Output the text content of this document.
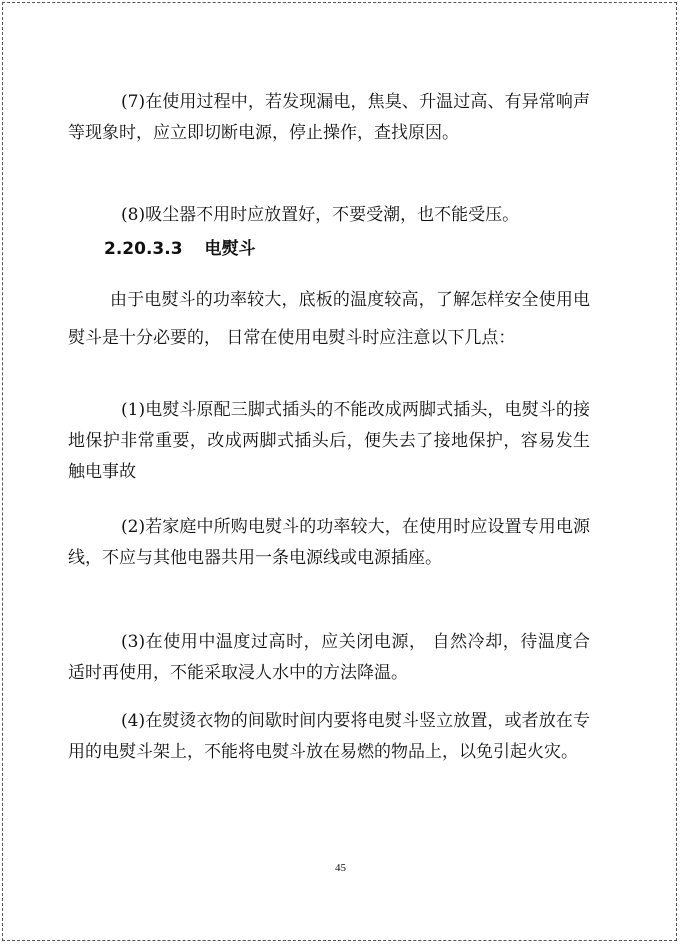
(7)在使用过程中，若发现漏电，焦臭、升温过高、有异常响声等现象时，应立即切断电源，停止操作，查找原因。

(8)吸尘器不用时应放置好，不要受潮，也不能受压。

2.20.3.3 电熨斗

由于电熨斗的功率较大，底板的温度较高，了解怎样安全使用电熨斗是十分必要的， 日常在使用电熨斗时应注意以下几点：

(1)电熨斗原配三脚式插头的不能改成两脚式插头，电熨斗的接地保护非常重要，改成两脚式插头后，便失去了接地保护，容易发生触电事故

(2)若家庭中所购电熨斗的功率较大，在使用时应设置专用电源线，不应与其他电器共用一条电源线或电源插座。

(3)在使用中温度过高时，应关闭电源， 自然冷却，待温度合适时再使用，不能采取浸人水中的方法降温。

(4)在熨烫衣物的间歇时间内要将电熨斗竖立放置，或者放在专用的电熨斗架上，不能将电熨斗放在易燃的物品上，以免引起火灾。

45
